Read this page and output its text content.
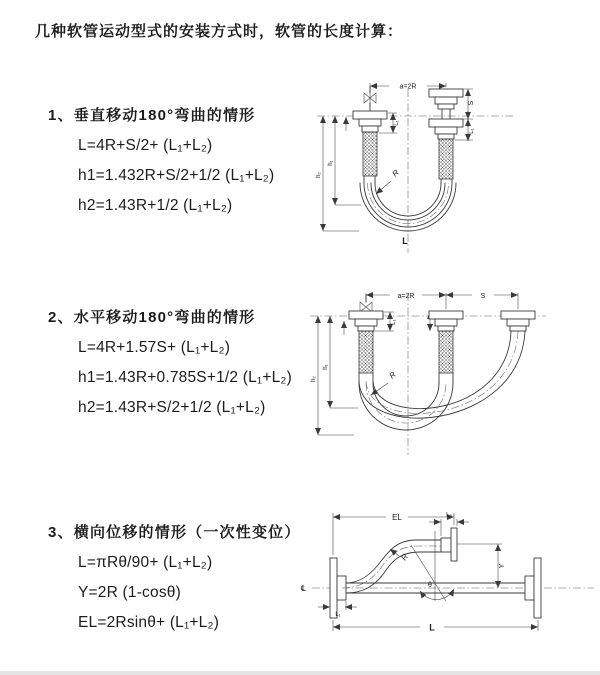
几种软管运动型式的安装方式时，软管的长度计算：
1、垂直移动180°弯曲的情形
L=4R+S/2+ (L₁+L₂)
h1=1.432R+S/2+1/2 (L₁+L₂)
h2=1.43R+1/2 (L₁+L₂)
2、水平移动180°弯曲的情形
L=4R+1.57S+ (L₁+L₂)
h1=1.43R+0.785S+1/2 (L₁+L₂)
h2=1.43R+S/2+1/2 (L₁+L₂)
3、横向位移的情形（一次性变位）
L=πRθ/90+ (L₁+L₂)
Y=2R (1-cosθ)
EL=2Rsinθ+ (L₁+L₂)
a=2R
L₁
S
L₁
h₂
h₁
R
L
a=2R	S
L₁
h₂
h₁
R
℄
EL	L₂
Y
R
θ
L
L₁
